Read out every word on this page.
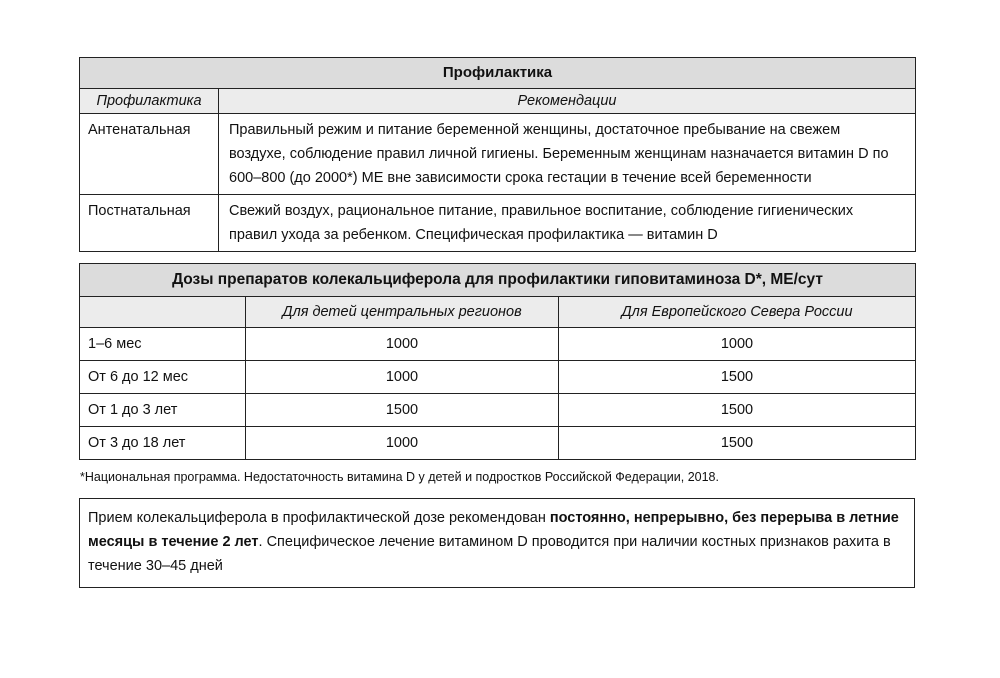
Профилактика	
Профилактика	Рекомендации
Антенатальная	Правильный режим и питание беременной женщины, достаточное пребывание на свежем воздухе, соблюдение правил личной гигиены. Беременным женщинам назначается витамин D по 600–800 (до 2000*) МЕ вне зависимости срока гестации в течение всей беременности
Постнатальная	Свежий воздух, рациональное питание, правильное воспитание, соблюдение гигиенических правил ухода за ребенком. Специфическая профилактика — витамин D
Дозы препаратов колекальциферола для профилактики гиповитаминоза D*, МЕ/сут		
	Для детей центральных регионов	Для Европейского Севера России
1–6 мес	1000	1000
От 6 до 12 мес	1000	1500
От 1 до 3 лет	1500	1500
От 3 до 18 лет	1000	1500
*Национальная программа. Недостаточность витамина D у детей и подростков Российской Федерации, 2018.
Прием колекальциферола в профилактической дозе рекомендован постоянно, непрерывно, без перерыва в летние месяцы в течение 2 лет. Специфическое лечение витамином D проводится при наличии костных признаков рахита в течение 30–45 дней
